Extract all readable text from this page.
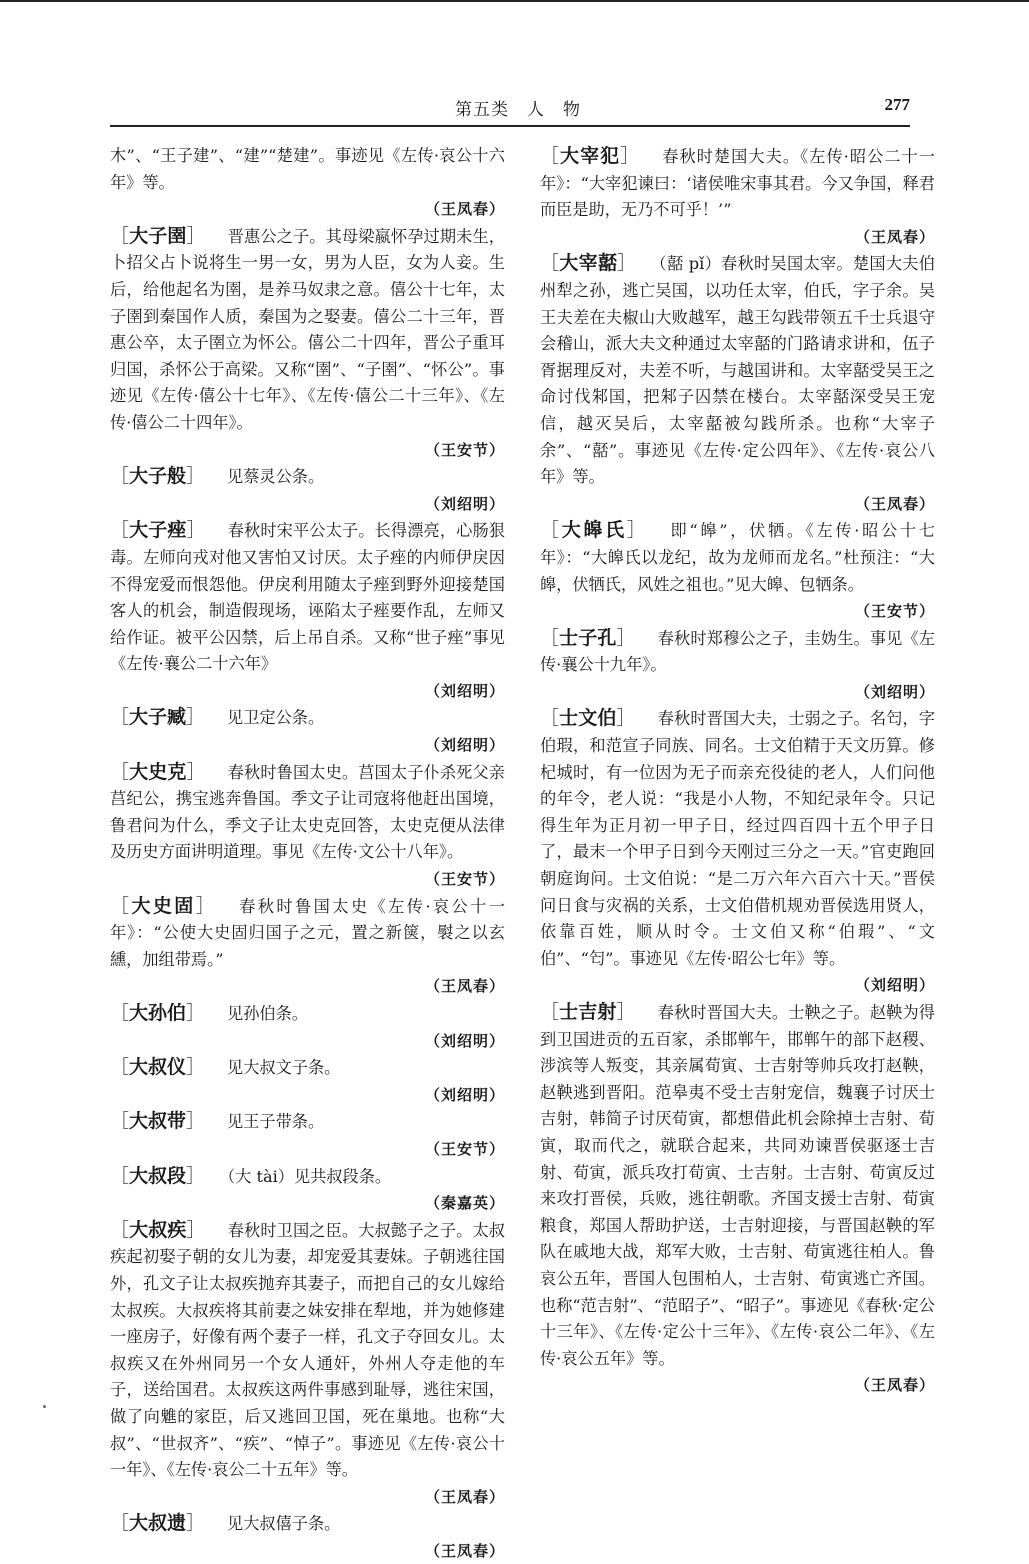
第五类　人　物	277
木”、“王子建”、“建”“楚建”。事迹见《左传·哀公十六年》等。
（王凤春）
［大子圉］ 晋惠公之子。其母梁嬴怀孕过期未生，卜招父占卜说将生一男一女，男为人臣，女为人妾。生后，给他起名为圉，是养马奴隶之意。僖公十七年，太子圉到秦国作人质，秦国为之娶妻。僖公二十三年，晋惠公卒，太子圉立为怀公。僖公二十四年，晋公子重耳归国，杀怀公于高梁。又称“圉”、“子圉”、“怀公”。事迹见《左传·僖公十七年》、《左传·僖公二十三年》、《左传·僖公二十四年》。
（王安节）
［大子般］ 见蔡灵公条。
（刘绍明）
［大子痤］ 春秋时宋平公太子。长得漂亮，心肠狠毒。左师向戎对他又害怕又讨厌。太子痤的内师伊戾因不得宠爱而恨怨他。伊戾利用随太子痤到野外迎接楚国客人的机会，制造假现场，诬陷太子痤要作乱，左师又给作证。被平公囚禁，后上吊自杀。又称“世子痤”事见《左传·襄公二十六年》
（刘绍明）
［大子臧］ 见卫定公条。
（刘绍明）
［大史克］ 春秋时鲁国太史。莒国太子仆杀死父亲莒纪公，携宝逃奔鲁国。季文子让司寇将他赶出国境，鲁君问为什么，季文子让太史克回答，太史克便从法律及历史方面讲明道理。事见《左传·文公十八年》。
（王安节）
［大史固］ 春秋时鲁国太史《左传·哀公十一年》：“公使大史固归国子之元，置之新箧，褽之以玄纁，加组带焉。”
（王凤春）
［大孙伯］ 见孙伯条。
（刘绍明）
［大叔仪］ 见大叔文子条。
（刘绍明）
［大叔带］ 见王子带条。
（王安节）
［大叔段］ （大 tài）见共叔段条。
（秦嘉英）
［大叔疾］ 春秋时卫国之臣。大叔懿子之子。太叔疾起初娶子朝的女儿为妻，却宠爱其妻妹。子朝逃往国外，孔文子让太叔疾抛弃其妻子，而把自己的女儿嫁给太叔疾。大叔疾将其前妻之妹安排在犁地，并为她修建一座房子，好像有两个妻子一样，孔文子夺回女儿。太叔疾又在外州同另一个女人通奸，外州人夺走他的车子，送给国君。太叔疾这两件事感到耻辱，逃往宋国，做了向魋的家臣，后又逃回卫国，死在巢地。也称“大叔”、“世叔齐”、“疾”、“悼子”。事迹见《左传·哀公十一年》、《左传·哀公二十五年》等。
（王凤春）
［大叔遗］ 见大叔僖子条。
（王凤春）
［大宰犯］ 春秋时楚国大夫。《左传·昭公二十一年》：“大宰犯谏曰：‘诸侯唯宋事其君。今又争国，释君而臣是助，无乃不可乎！’”
（王凤春）
［大宰嚭］ （嚭 pǐ）春秋时吴国太宰。楚国大夫伯州犁之孙，逃亡吴国，以功任太宰，伯氏，字子余。吴王夫差在夫椒山大败越军，越王勾践带领五千士兵退守会稽山，派大夫文种通过太宰嚭的门路请求讲和，伍子胥据理反对，夫差不听，与越国讲和。太宰嚭受吴王之命讨伐邾国，把邾子囚禁在楼台。太宰嚭深受吴王宠信，越灭吴后，太宰嚭被勾践所杀。也称“大宰子余”、“嚭”。事迹见《左传·定公四年》、《左传·哀公八年》等。
（王凤春）
［大皞氏］ 即“皞”，伏牺。《左传·昭公十七年》：“大皞氏以龙纪，故为龙师而龙名。”杜预注：“大皞，伏牺氏，风姓之祖也。”见大皞、包牺条。
（王安节）
［士子孔］ 春秋时郑穆公之子，圭妫生。事见《左传·襄公十九年》。
（刘绍明）
［士文伯］ 春秋时晋国大夫，士弱之子。名匄，字伯瑕，和范宣子同族、同名。士文伯精于天文历算。修杞城时，有一位因为无子而亲充役徒的老人，人们问他的年令，老人说：“我是小人物，不知纪录年令。只记得生年为正月初一甲子日，经过四百四十五个甲子日了，最末一个甲子日到今天刚过三分之一天。”官吏跑回朝庭询问。士文伯说：“是二万六年六百六十天。”晋侯问日食与灾祸的关系，士文伯借机规劝晋侯选用贤人，依靠百姓，顺从时令。士文伯又称“伯瑕”、“文伯”、“匄”。事迹见《左传·昭公七年》等。
（刘绍明）
［士吉射］ 春秋时晋国大夫。士鞅之子。赵鞅为得到卫国进贡的五百家，杀邯郸午，邯郸午的部下赵稷、涉滨等人叛变，其亲属荀寅、士吉射等帅兵攻打赵鞅，赵鞅逃到晋阳。范皋夷不受士吉射宠信，魏襄子讨厌士吉射，韩简子讨厌荀寅，都想借此机会除掉士吉射、荀寅，取而代之，就联合起来，共同劝谏晋侯驱逐士吉射、荀寅，派兵攻打荀寅、士吉射。士吉射、荀寅反过来攻打晋侯，兵败，逃往朝歌。齐国支援士吉射、荀寅粮食，郑国人帮助护送，士吉射迎接，与晋国赵鞅的军队在戚地大战，郑军大败，士吉射、荀寅逃往柏人。鲁哀公五年，晋国人包围柏人，士吉射、荀寅逃亡齐国。也称“范吉射”、“范昭子”、“昭子”。事迹见《春秋·定公十三年》、《左传·定公十三年》、《左传·哀公二年》、《左传·哀公五年》等。
（王凤春）
